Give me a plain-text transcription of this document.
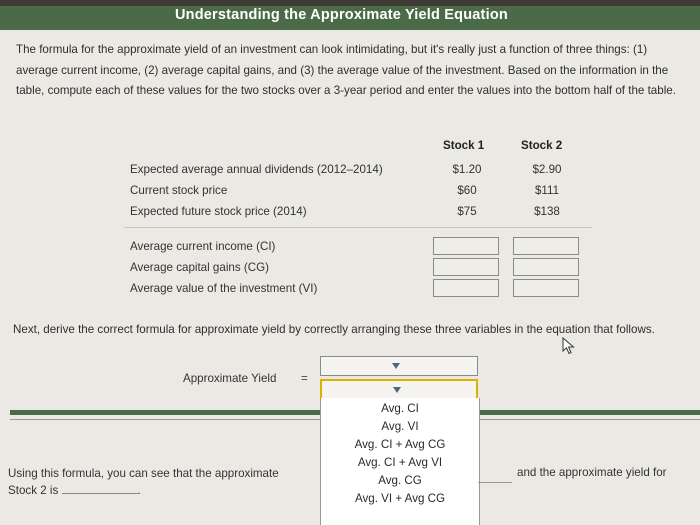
Understanding the Approximate Yield Equation
The formula for the approximate yield of an investment can look intimidating, but it's really just a function of three things: (1) average current income, (2) average capital gains, and (3) the average value of the investment. Based on the information in the table, compute each of these values for the two stocks over a 3-year period and enter the values into the bottom half of the table.
Stock 1	Stock 2
Expected average annual dividends (2012–2014)	$1.20	$2.90
Current stock price	$60	$111
Expected future stock price (2014)	$75	$138
Average current income (CI)
Average capital gains (CG)
Average value of the investment (VI)
Next, derive the correct formula for approximate yield by correctly arranging these three variables in the equation that follows.
Approximate Yield =
Avg. CI
Avg. VI
Avg. CI + Avg CG
Avg. CI + Avg VI
Avg. CG
Avg. VI + Avg CG
Using this formula, you can see that the approximate
Stock 2 is	.
and the approximate yield for
